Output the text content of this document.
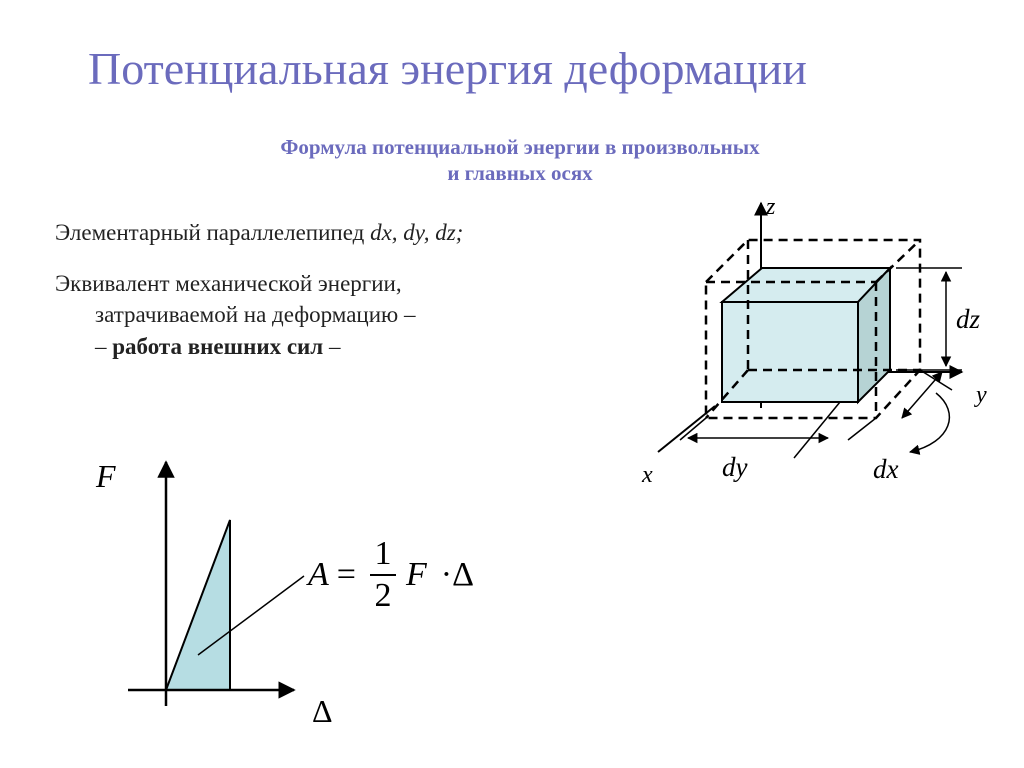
Потенциальная энергия деформации
Формула потенциальной энергии в произвольных
и главных осях
Элементарный параллелепипед dx, dy, dz;
Эквивалент механической энергии,
затрачиваемой на деформацию –
– работа внешних сил –
z
y
x
dz
dy	dx
F
Δ
$A = \frac{1}{2}$ F · Δ
